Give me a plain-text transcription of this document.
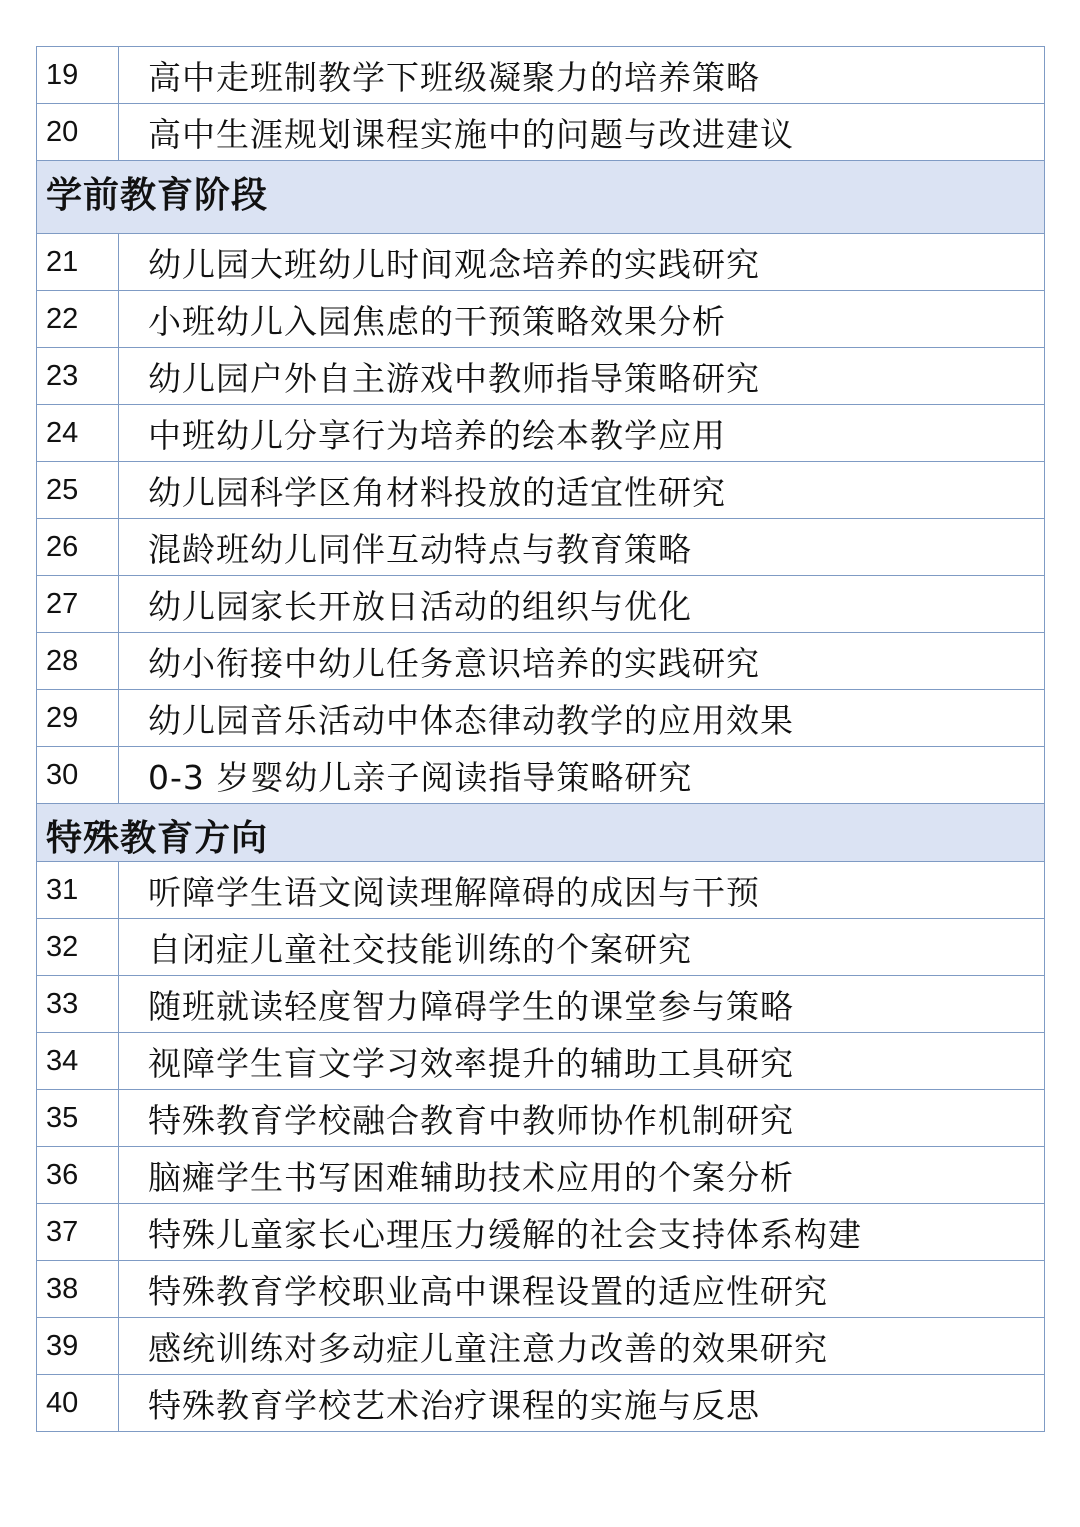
19	高中走班制教学下班级凝聚力的培养策略
20	高中生涯规划课程实施中的问题与改进建议
学前教育阶段	
21	幼儿园大班幼儿时间观念培养的实践研究
22	小班幼儿入园焦虑的干预策略效果分析
23	幼儿园户外自主游戏中教师指导策略研究
24	中班幼儿分享行为培养的绘本教学应用
25	幼儿园科学区角材料投放的适宜性研究
26	混龄班幼儿同伴互动特点与教育策略
27	幼儿园家长开放日活动的组织与优化
28	幼小衔接中幼儿任务意识培养的实践研究
29	幼儿园音乐活动中体态律动教学的应用效果
30	0-3 岁婴幼儿亲子阅读指导策略研究
特殊教育方向	
31	听障学生语文阅读理解障碍的成因与干预
32	自闭症儿童社交技能训练的个案研究
33	随班就读轻度智力障碍学生的课堂参与策略
34	视障学生盲文学习效率提升的辅助工具研究
35	特殊教育学校融合教育中教师协作机制研究
36	脑瘫学生书写困难辅助技术应用的个案分析
37	特殊儿童家长心理压力缓解的社会支持体系构建
38	特殊教育学校职业高中课程设置的适应性研究
39	感统训练对多动症儿童注意力改善的效果研究
40	特殊教育学校艺术治疗课程的实施与反思
